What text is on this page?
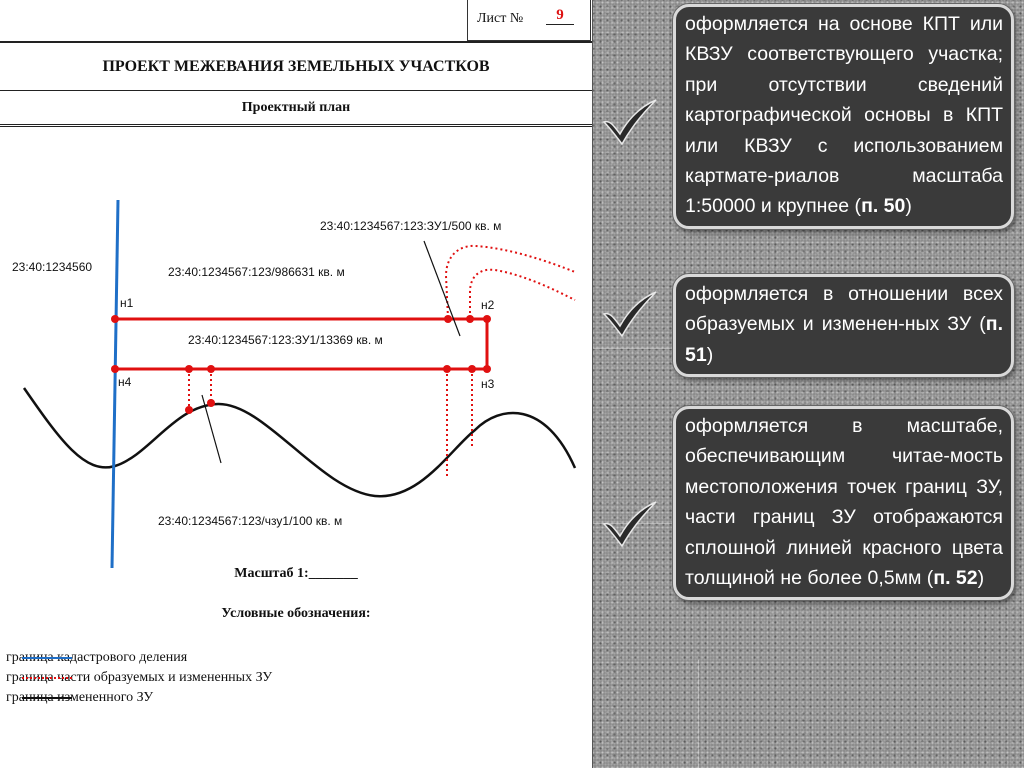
Лист №	9
ПРОЕКТ МЕЖЕВАНИЯ ЗЕМЕЛЬНЫХ УЧАСТКОВ
Проектный план
23:40:1234560	23:40:1234567:123/986631 кв. м
23:40:1234567:123:ЗУ1/500 кв. м
23:40:1234567:123:ЗУ1/13369 кв. м
23:40:1234567:123/чзу1/100 кв. м
н1	н2
н3
н4
Масштаб 1:_______
Условные обозначения:
граница кадастрового деления
граница части образуемых и измененных ЗУ
граница измененного ЗУ
оформляется на основе КПТ или КВЗУ соответствующего участка; при отсутствии сведений картографической основы в КПТ или КВЗУ с использованием картмате-риалов масштаба 1:50000 и крупнее (п. 50)
оформляется в отношении всех образуемых и изменен-ных ЗУ (п. 51)
оформляется в масштабе, обеспечивающим читае-мость местоположения точек границ ЗУ, части границ ЗУ отображаются сплошной линией красного цвета толщиной не более 0,5мм (п. 52)
